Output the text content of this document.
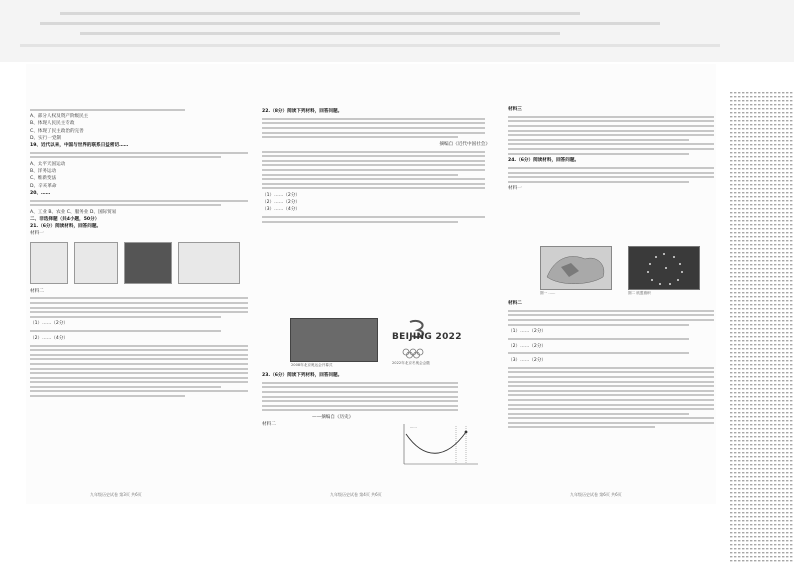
A、部分人权及资产阶级民主

B、体现人民民主专政

C、体现了民主政治的完善

D、实行一党制

19、近代以来，中国与世界的联系日益密切……

A、太平天国运动

B、洋务运动

C、维新变法

D、辛亥革命

20、……

A、工业 B、农业 C、服务业 D、国际贸易

二、非选择题（共4小题，50分）

21.（6分）阅读材料，回答问题。

材料一

材料二

（1）……（2分）

（2）……（4分）

22.（8分）阅读下列材料，回答问题。

摘编自《近代中国社会》

（1）……（2分）

（2）……（2分）

（3）……（4分）

2008年北京奥运会开幕式
BEIJING 2022

2022年北京冬奥会会徽

23.（6分）阅读下列材料，回答问题。

——摘编自《历史》

材料二	……

材料三

24.（6分）阅读材料，回答问题。

材料一

图一 ……	图二 欧盟旗帜

材料二

（1）……（2分）

（2）……（2分）

（3）……（2分）

九年级历史试卷 第3页 共6页	九年级历史试卷 第4页 共6页	九年级历史试卷 第6页 共6页
